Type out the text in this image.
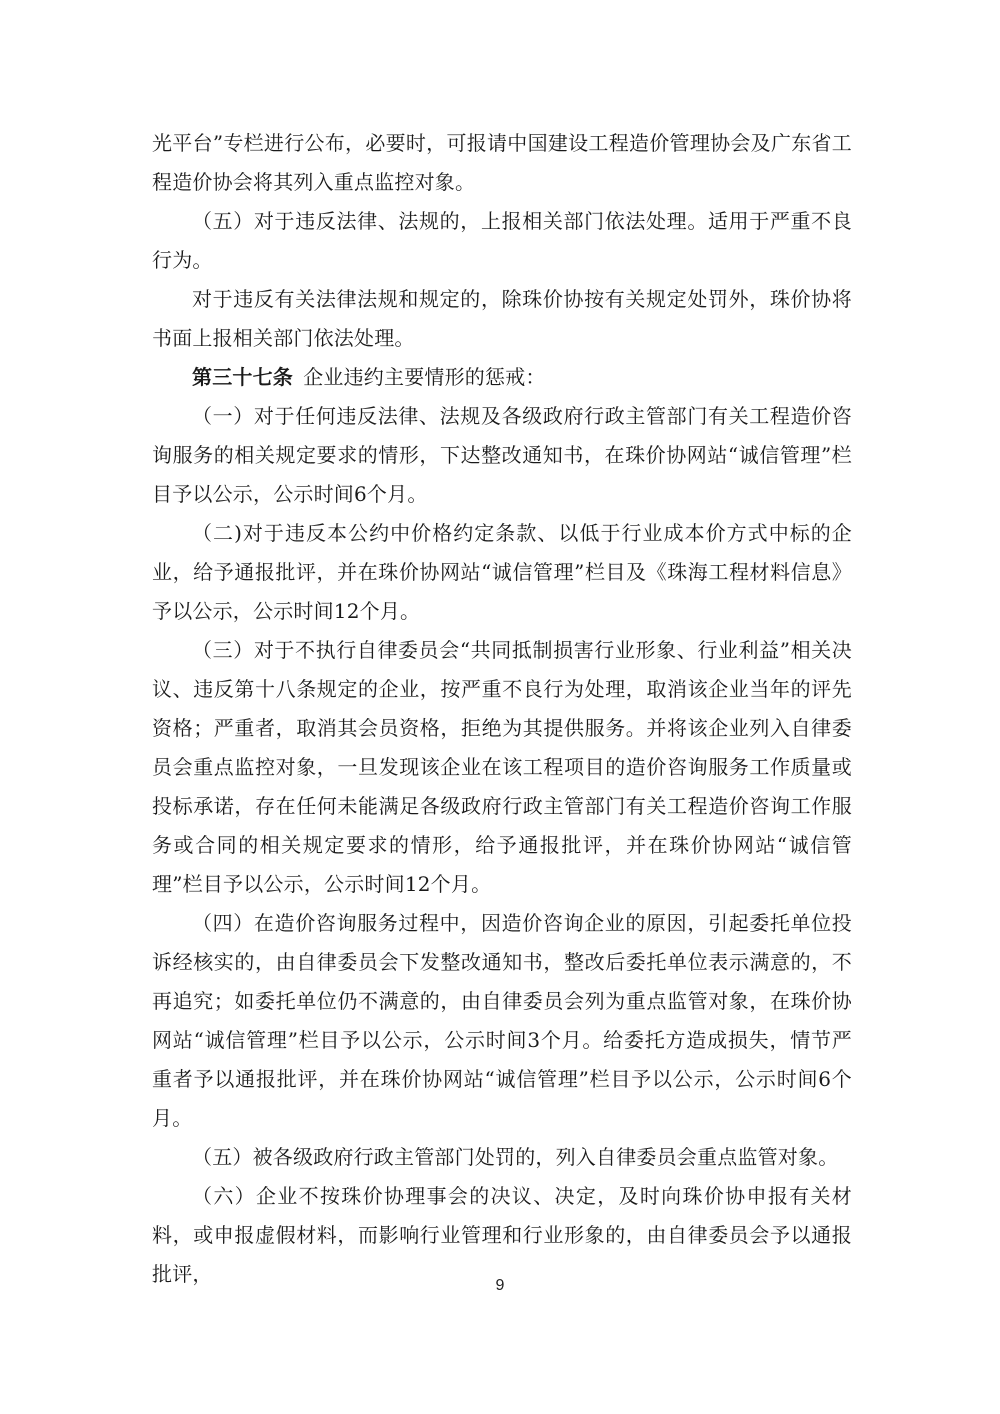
光平台”专栏进行公布，必要时，可报请中国建设工程造价管理协会及广东省工程造价协会将其列入重点监控对象。

（五）对于违反法律、法规的，上报相关部门依法处理。适用于严重不良行为。

对于违反有关法律法规和规定的，除珠价协按有关规定处罚外，珠价协将书面上报相关部门依法处理。

第三十七条  企业违约主要情形的惩戒：

（一）对于任何违反法律、法规及各级政府行政主管部门有关工程造价咨询服务的相关规定要求的情形，下达整改通知书，在珠价协网站“诚信管理”栏目予以公示，公示时间6个月。

（二)对于违反本公约中价格约定条款、以低于行业成本价方式中标的企业，给予通报批评，并在珠价协网站“诚信管理”栏目及《珠海工程材料信息》予以公示，公示时间12个月。

（三）对于不执行自律委员会“共同抵制损害行业形象、行业利益”相关决议、违反第十八条规定的企业，按严重不良行为处理，取消该企业当年的评先资格；严重者，取消其会员资格，拒绝为其提供服务。并将该企业列入自律委员会重点监控对象，一旦发现该企业在该工程项目的造价咨询服务工作质量或投标承诺，存在任何未能满足各级政府行政主管部门有关工程造价咨询工作服务或合同的相关规定要求的情形，给予通报批评，并在珠价协网站“诚信管理”栏目予以公示，公示时间12个月。

（四）在造价咨询服务过程中，因造价咨询企业的原因，引起委托单位投诉经核实的，由自律委员会下发整改通知书，整改后委托单位表示满意的，不再追究；如委托单位仍不满意的，由自律委员会列为重点监管对象，在珠价协网站“诚信管理”栏目予以公示，公示时间3个月。给委托方造成损失，情节严重者予以通报批评，并在珠价协网站“诚信管理”栏目予以公示，公示时间6个月。

（五）被各级政府行政主管部门处罚的，列入自律委员会重点监管对象。

（六）企业不按珠价协理事会的决议、决定，及时向珠价协申报有关材料，或申报虚假材料，而影响行业管理和行业形象的，由自律委员会予以通报批评，	9
